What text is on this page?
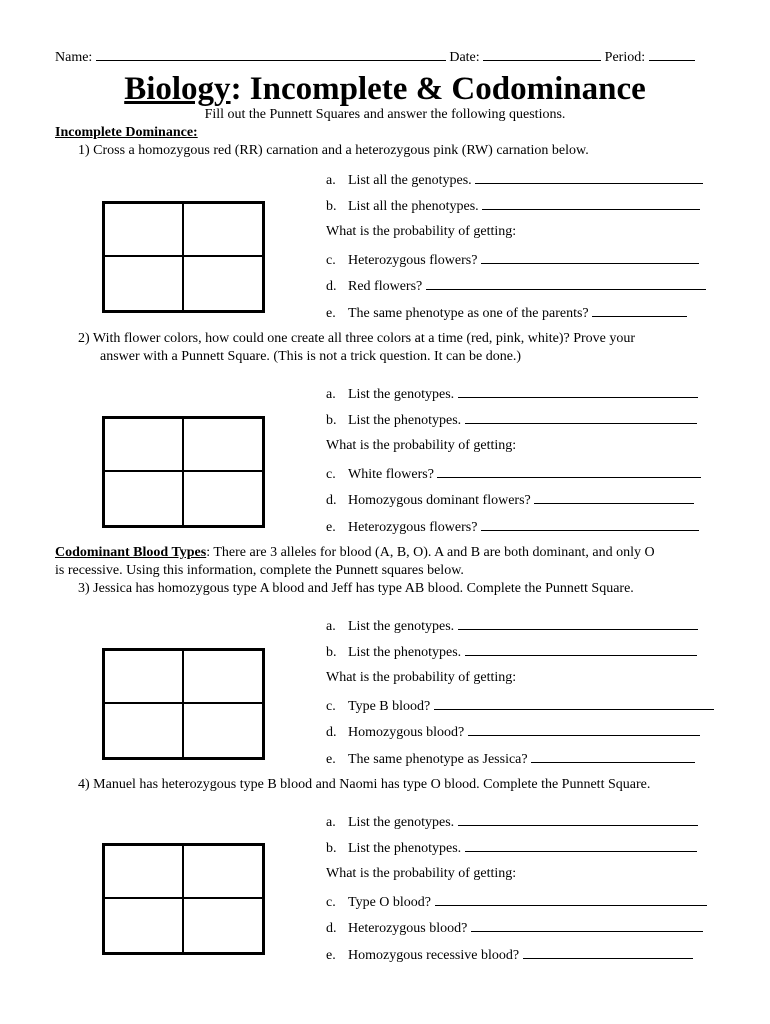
Name:	Date:	Period:
Biology: Incomplete & Codominance
Fill out the Punnett Squares and answer the following questions.
Incomplete Dominance:
1) Cross a homozygous red (RR) carnation and a heterozygous pink (RW) carnation below.
a. List all the genotypes.
b. List all the phenotypes.
What is the probability of getting:
c. Heterozygous flowers?
d. Red flowers?
e. The same phenotype as one of the parents?
2) With flower colors, how could one create all three colors at a time (red, pink, white)? Prove your
answer with a Punnett Square. (This is not a trick question. It can be done.)
a. List the genotypes.
b. List the phenotypes.
What is the probability of getting:
c. White flowers?
d. Homozygous dominant flowers?
e. Heterozygous flowers?
Codominant Blood Types: There are 3 alleles for blood (A, B, O). A and B are both dominant, and only O
is recessive. Using this information, complete the Punnett squares below.
3) Jessica has homozygous type A blood and Jeff has type AB blood. Complete the Punnett Square.
a. List the genotypes.
b. List the phenotypes.
What is the probability of getting:
c. Type B blood?
d. Homozygous blood?
e. The same phenotype as Jessica?
4) Manuel has heterozygous type B blood and Naomi has type O blood. Complete the Punnett Square.
a. List the genotypes.
b. List the phenotypes.
What is the probability of getting:
c. Type O blood?
d. Heterozygous blood?
e. Homozygous recessive blood?
